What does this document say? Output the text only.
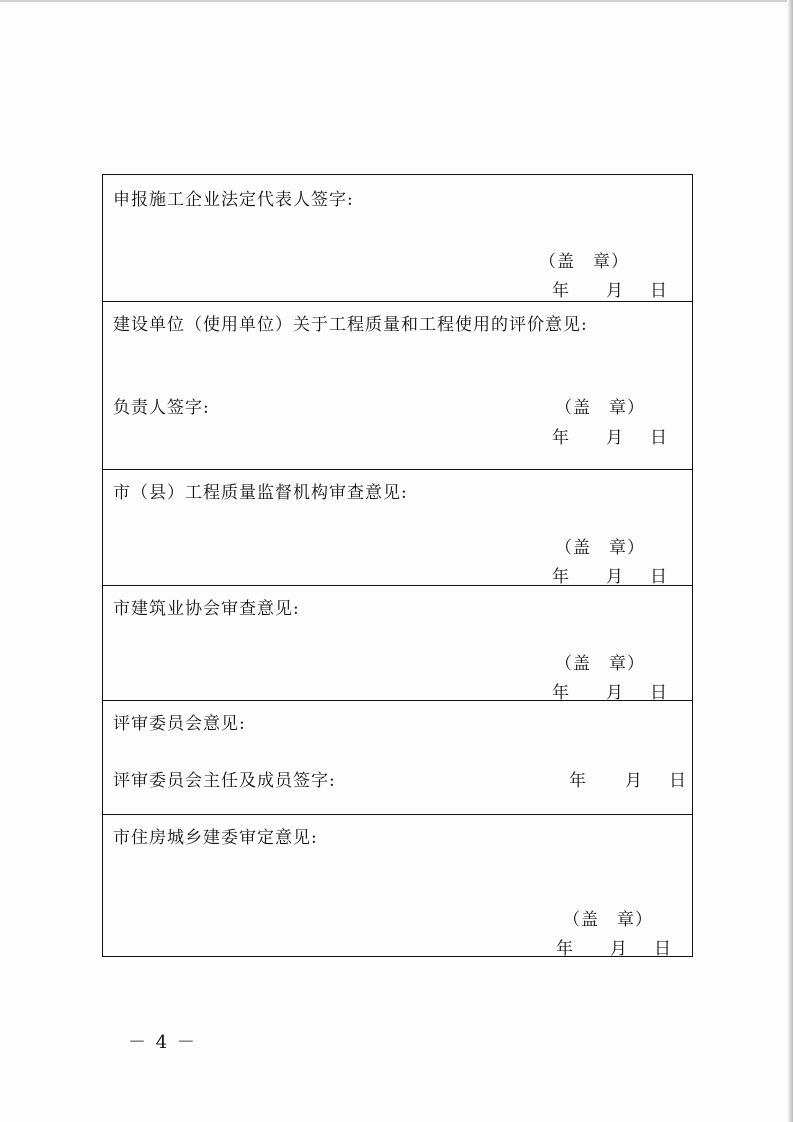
申报施工企业法定代表人签字:
（盖　章）
年 月 日
建设单位（使用单位）关于工程质量和工程使用的评价意见:
负责人签字:	（盖　章）
年 月 日
市（县）工程质量监督机构审查意见:
（盖　章）
年 月 日
市建筑业协会审查意见:
（盖　章）
年 月 日
评审委员会意见:
评审委员会主任及成员签字:	年 月 日
市住房城乡建委审定意见:
（盖　章）
年 月 日
－ 4 －
